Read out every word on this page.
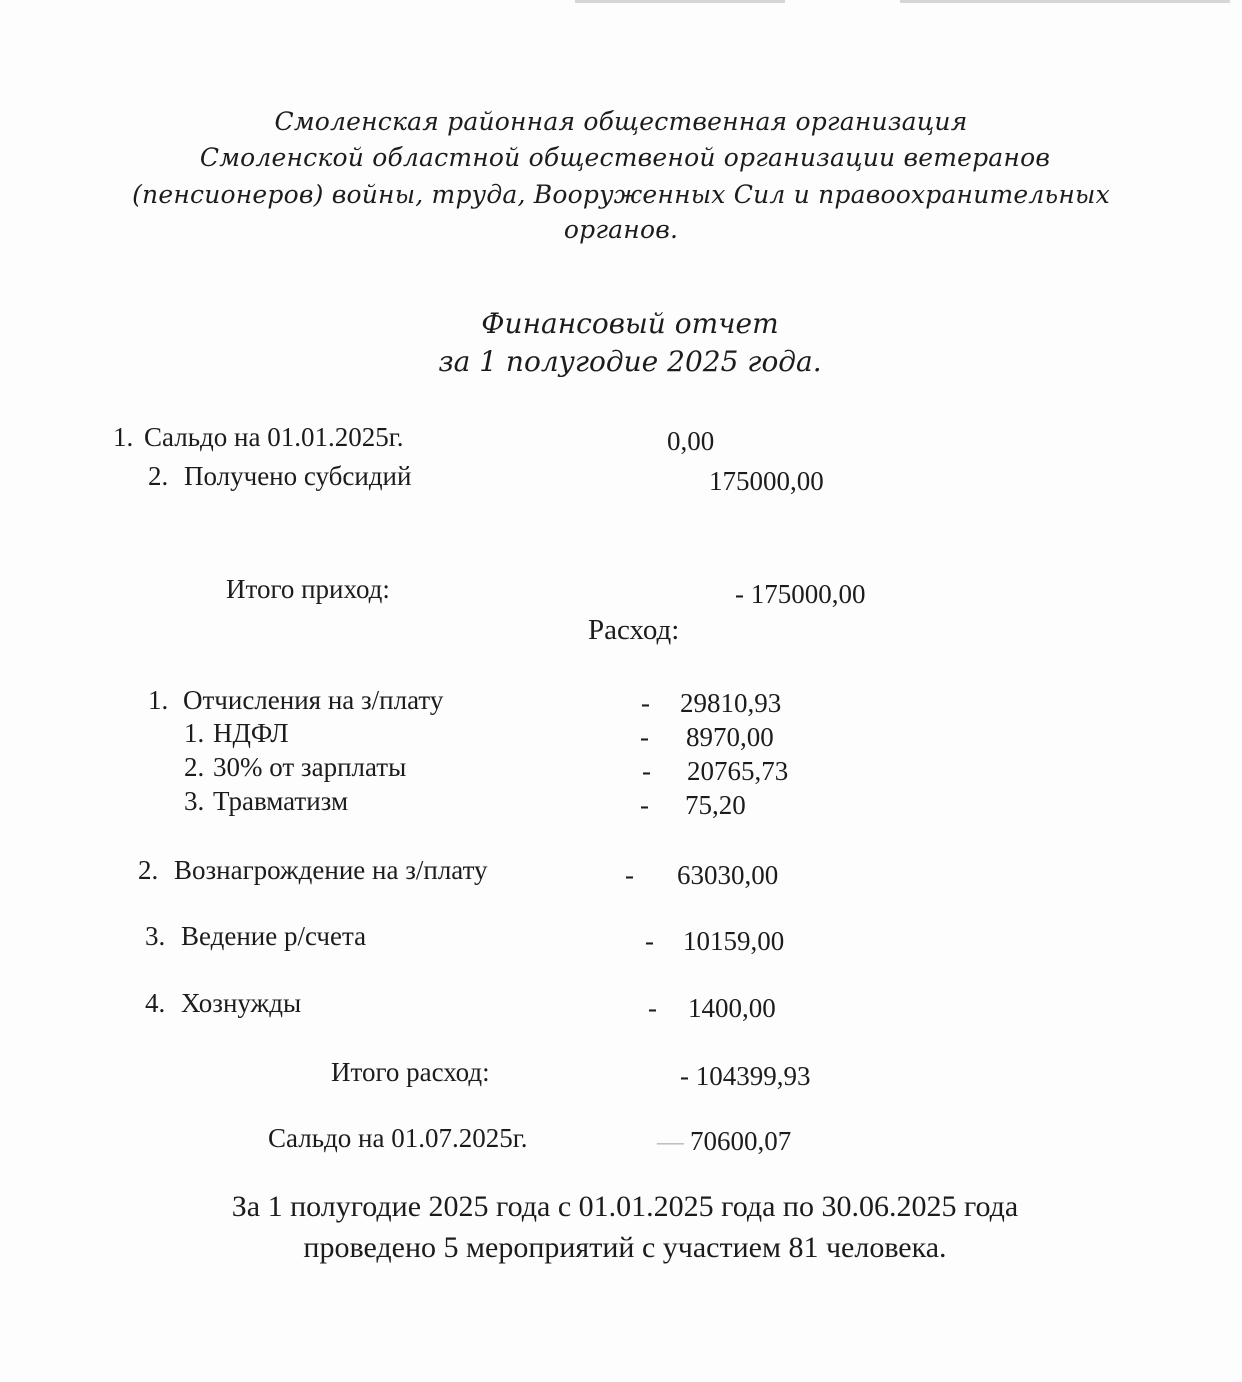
Смоленская районная общественная организация
Смоленской областной общественой организации ветеранов
(пенсионеров) войны, труда, Вооруженных Сил и правоохранительных
органов.
Финансовый отчет
за 1 полугодие 2025 года.
1. Сальдо на 01.01.2025г.	0,00
2. Получено субсидий	175000,00
Итого приход:	- 175000,00
Расход:
1. Отчисления на з/плату	- 29810,93
1. НДФЛ	- 8970,00
2. 30% от зарплаты	- 20765,73
3. Травматизм	- 75,20
2. Вознагрождение на з/плату	- 63030,00
3. Ведение р/счета	- 10159,00
4. Хознужды	- 1400,00
Итого расход:	- 104399,93
Сальдо на 01.07.2025г.	— 70600,07
За 1 полугодие 2025 года с 01.01.2025 года по 30.06.2025 года
проведено 5 мероприятий с участием 81 человека.
